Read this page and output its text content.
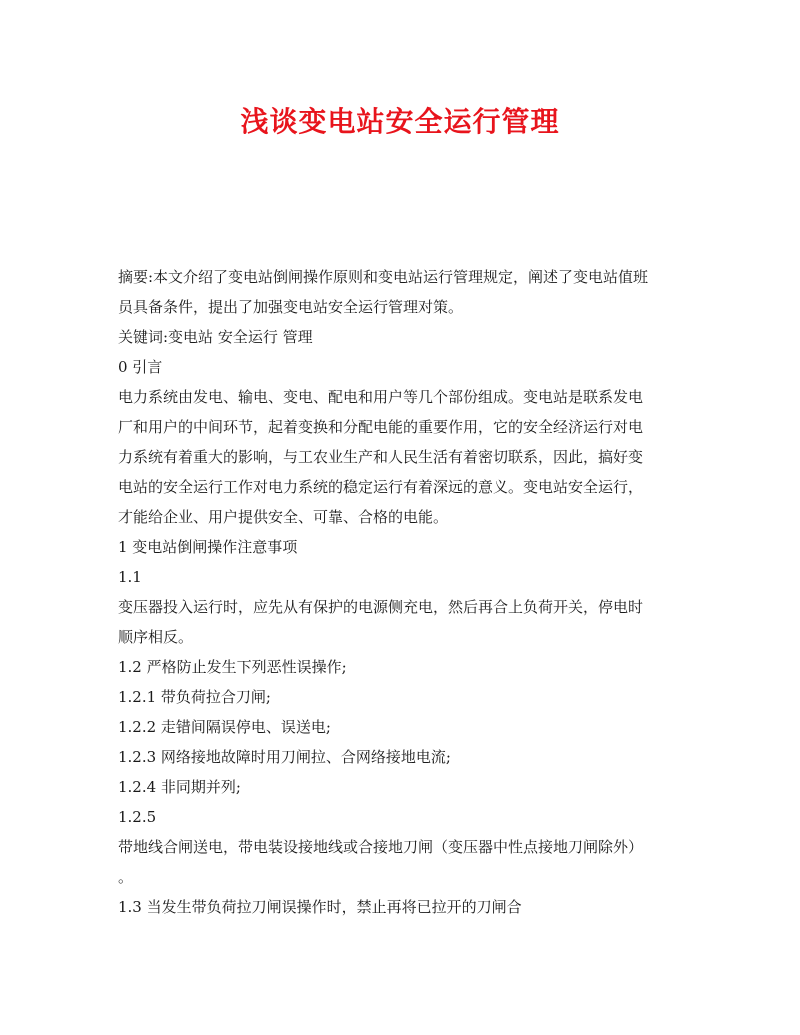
浅谈变电站安全运行管理

摘要:本文介绍了变电站倒闸操作原则和变电站运行管理规定，阐述了变电站值班

员具备条件，提出了加强变电站安全运行管理对策。

关键词:变电站 安全运行 管理

0 引言

电力系统由发电、输电、变电、配电和用户等几个部份组成。变电站是联系发电

厂和用户的中间环节，起着变换和分配电能的重要作用，它的安全经济运行对电

力系统有着重大的影响，与工农业生产和人民生活有着密切联系，因此，搞好变

电站的安全运行工作对电力系统的稳定运行有着深远的意义。变电站安全运行，

才能给企业、用户提供安全、可靠、合格的电能。

1 变电站倒闸操作注意事项

1.1

变压器投入运行时，应先从有保护的电源侧充电，然后再合上负荷开关，停电时

顺序相反。

1.2 严格防止发生下列恶性误操作;

1.2.1 带负荷拉合刀闸;

1.2.2 走错间隔误停电、误送电;

1.2.3 网络接地故障时用刀闸拉、合网络接地电流;

1.2.4 非同期并列;

1.2.5

带地线合闸送电，带电装设接地线或合接地刀闸（变压器中性点接地刀闸除外）

。

1.3 当发生带负荷拉刀闸误操作时，禁止再将已拉开的刀闸合
